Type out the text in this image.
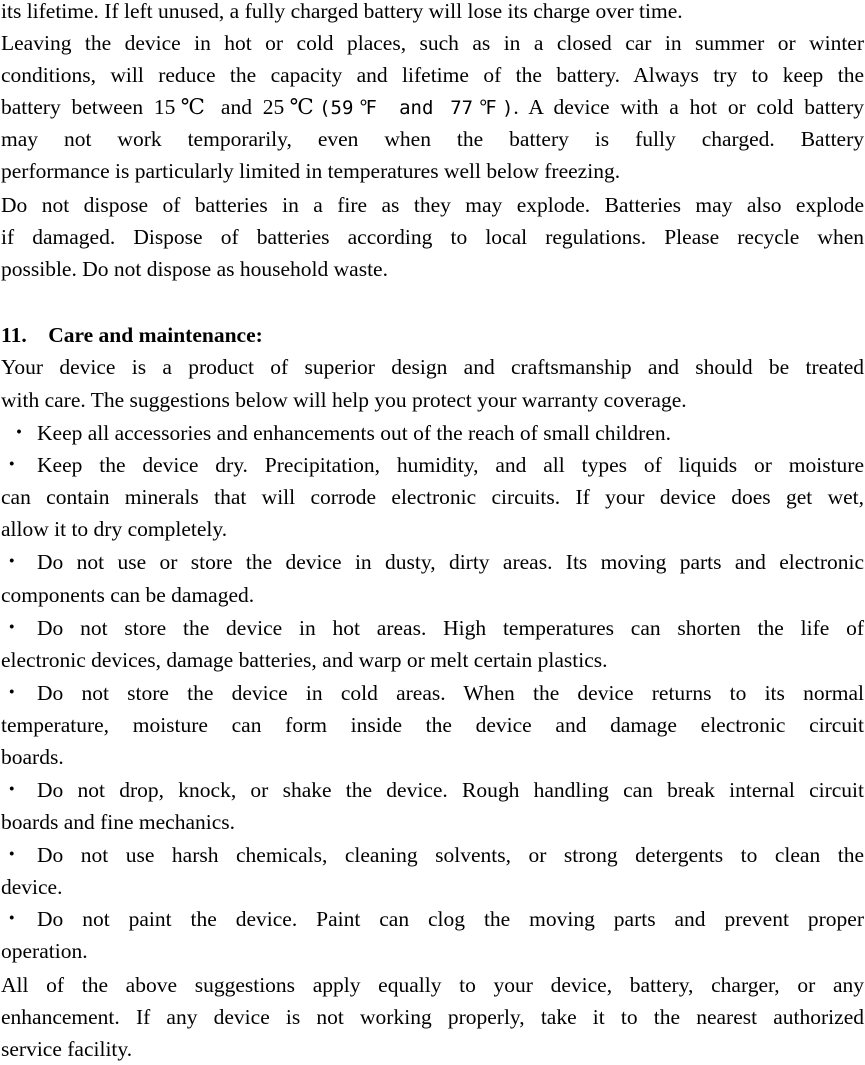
its lifetime. If left unused, a fully charged battery will lose its charge over time.
Leaving the device in hot or cold places, such as in a closed car in summer or winter
conditions, will reduce the capacity and lifetime of the battery. Always try to keep the
battery between 15℃ and 25℃(59℉ and 77℉). A device with a hot or cold battery
may not work temporarily, even when the battery is fully charged. Battery
performance is particularly limited in temperatures well below freezing.
Do not dispose of batteries in a fire as they may explode. Batteries may also explode
if damaged. Dispose of batteries according to local regulations. Please recycle when
possible. Do not dispose as household waste.
11.    Care and maintenance:
Your device is a product of superior design and craftsmanship and should be treated
with care. The suggestions below will help you protect your warranty coverage.
・ Keep all accessories and enhancements out of the reach of small children.
・ Keep the device dry. Precipitation, humidity, and all types of liquids or moisture
can contain minerals that will corrode electronic circuits. If your device does get wet,
allow it to dry completely.
・ Do not use or store the device in dusty, dirty areas. Its moving parts and electronic
components can be damaged.
・ Do not store the device in hot areas. High temperatures can shorten the life of
electronic devices, damage batteries, and warp or melt certain plastics.
・ Do not store the device in cold areas. When the device returns to its normal
temperature, moisture can form inside the device and damage electronic circuit
boards.
・ Do not drop, knock, or shake the device. Rough handling can break internal circuit
boards and fine mechanics.
・ Do not use harsh chemicals, cleaning solvents, or strong detergents to clean the
device.
・ Do not paint the device. Paint can clog the moving parts and prevent proper
operation.
All of the above suggestions apply equally to your device, battery, charger, or any
enhancement. If any device is not working properly, take it to the nearest authorized
service facility.
